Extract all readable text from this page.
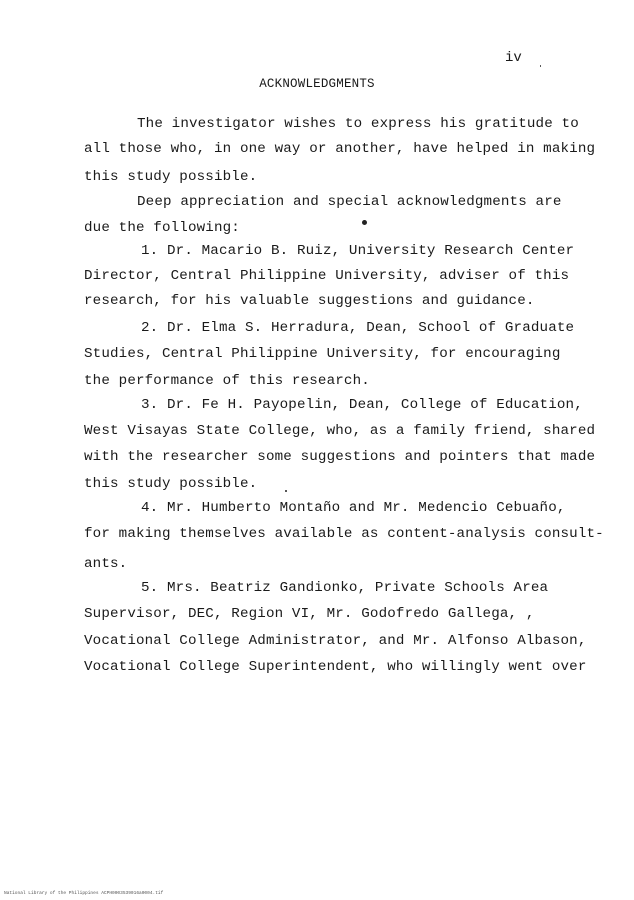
iv
ACKNOWLEDGMENTS
The investigator wishes to express his gratitude to
all those who, in one way or another, have helped in making
this study possible.
Deep appreciation and special acknowledgments are
due the following:
1. Dr. Macario B. Ruiz, University Research Center
Director, Central Philippine University, adviser of this
research, for his valuable suggestions and guidance.
2. Dr. Elma S. Herradura, Dean, School of Graduate
Studies, Central Philippine University, for encouraging
the performance of this research.
3. Dr. Fe H. Payopelin, Dean, College of Education,
West Visayas State College, who, as a family friend, shared
with the researcher some suggestions and pointers that made
this study possible.
4. Mr. Humberto Montaño and Mr. Medencio Cebuaño,
for making themselves available as content-analysis consult-
ants.
5. Mrs. Beatriz Gandionko, Private Schools Area
Supervisor, DEC, Region VI, Mr. Godofredo Gallega, ,
Vocational College Administrator, and Mr. Alfonso Albason,
Vocational College Superintendent, who willingly went over
National Library of the Philippines ACPH0003539016a0004.tif
